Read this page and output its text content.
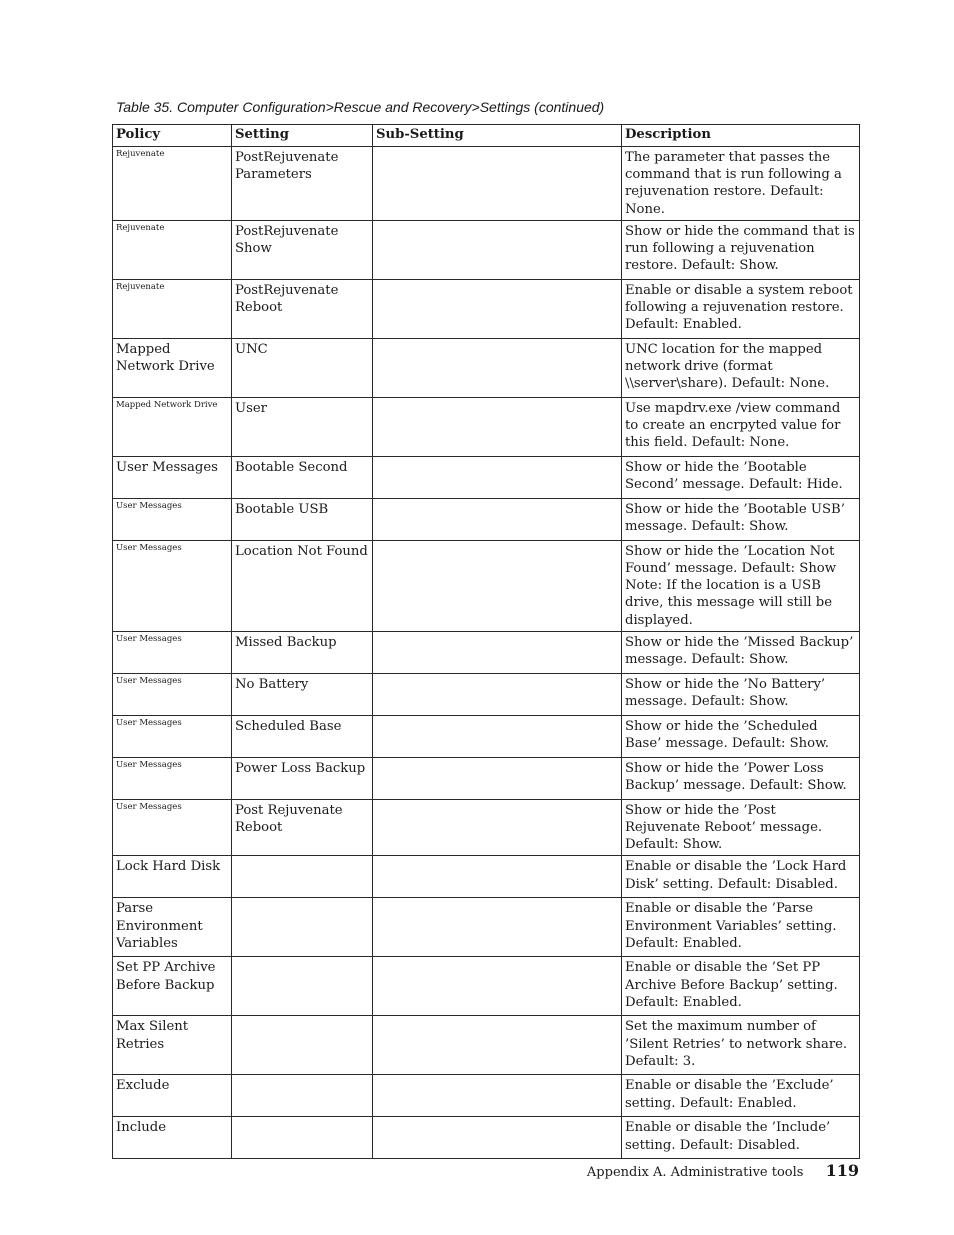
Table 35. Computer Configuration>Rescue and Recovery>Settings (continued)
Policy	Setting	Sub-Setting	Description
Rejuvenate	PostRejuvenate Parameters		The parameter that passes the command that is run following a rejuvenation restore. Default: None.
Rejuvenate	PostRejuvenate Show		Show or hide the command that is run following a rejuvenation restore. Default: Show.
Rejuvenate	PostRejuvenate Reboot		Enable or disable a system reboot following a rejuvenation restore. Default: Enabled.
Mapped Network Drive	UNC		UNC location for the mapped network drive (format \\server\share). Default: None.
Mapped Network Drive	User		Use mapdrv.exe /view command to create an encrpyted value for this field. Default: None.
User Messages	Bootable Second		Show or hide the ’Bootable Second’ message. Default: Hide.
User Messages	Bootable USB		Show or hide the ’Bootable USB’ message. Default: Show.
User Messages	Location Not Found		Show or hide the ’Location Not Found’ message. Default: Show Note: If the location is a USB drive, this message will still be displayed.
User Messages	Missed Backup		Show or hide the ’Missed Backup’ message. Default: Show.
User Messages	No Battery		Show or hide the ’No Battery’ message. Default: Show.
User Messages	Scheduled Base		Show or hide the ’Scheduled Base’ message. Default: Show.
User Messages	Power Loss Backup		Show or hide the ’Power Loss Backup’ message. Default: Show.
User Messages	Post Rejuvenate Reboot		Show or hide the ’Post Rejuvenate Reboot’ message. Default: Show.
Lock Hard Disk			Enable or disable the ’Lock Hard Disk’ setting. Default: Disabled.
Parse Environment Variables			Enable or disable the ’Parse Environment Variables’ setting. Default: Enabled.
Set PP Archive Before Backup			Enable or disable the ’Set PP Archive Before Backup’ setting. Default: Enabled.
Max Silent Retries			Set the maximum number of ’Silent Retries’ to network share. Default: 3.
Exclude			Enable or disable the ’Exclude’ setting. Default: Enabled.
Include			Enable or disable the ’Include’ setting. Default: Disabled.
Appendix A. Administrative tools 119
